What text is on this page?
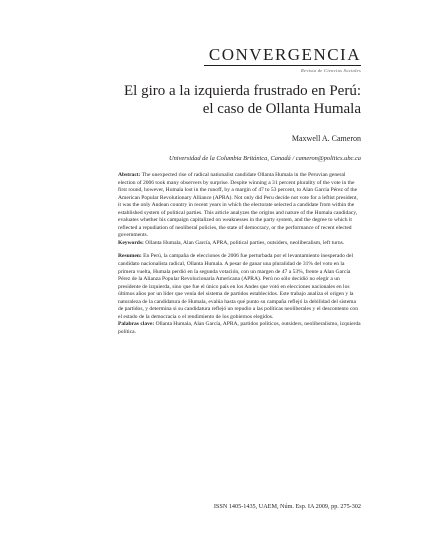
CONVERGENCIA
Revista de Ciencias Sociales
El giro a la izquierda frustrado en Perú:
el caso de Ollanta Humala
Maxwell A. Cameron
Universidad de la Columbia Británica, Canadá / cameron@politics.ubc.ca
Abstract: The unexpected rise of radical nationalist candidate Ollanta Humala in the Peruvian general election of 2006 took many observers by surprise. Despite winning a 31 percent plurality of the vote in the first round, however, Humala lost in the runoff, by a margin of 47 to 53 percent, to Alan García Pérez of the American Popular Revolutionary Alliance (APRA). Not only did Peru decide not vote for a leftist president, it was the only Andean country in recent years in which the electorate selected a candidate from within the established system of political parties. This article analyzes the origins and nature of the Humala candidacy, evaluates whether his campaign capitalized on weaknesses in the party system, and the degree to which it reflected a repudiation of neoliberal policies, the state of democracy, or the performance of recent elected governments.
Keywords: Ollanta Humala, Alan García, APRA, political parties, outsiders, neoliberalism, left turns.
Resumen: En Perú, la campaña de elecciones de 2006 fue perturbada por el levantamiento inesperado del candidato nacionalista radical, Ollanta Humala. A pesar de ganar una pluralidad de 31% del voto en la primera vuelta, Humala perdió en la segunda votación, con un margen de 47 a 53%, frente a Alan García Pérez de la Alianza Popular Revolucionaria Americana (APRA). Perú no sólo decidió no elegir a un presidente de izquierda, sino que fue el único país en los Andes que votó en elecciones nacionales en los últimos años por un líder que venía del sistema de partidos establecidos. Este trabajo analiza el origen y la naturaleza de la candidatura de Humala, evalúa hasta qué punto su campaña reflejó la debilidad del sistema de partidos, y determina si su candidatura reflejó un repudio a las políticas neoliberales y el descontento con el estado de la democracia o el rendimiento de los gobiernos elegidos.
Palabras clave: Ollanta Humala, Alan García, APRA, partidos políticos, outsiders, neoliberalismo, izquierda política.
ISSN 1405-1435, UAEM, Núm. Esp. IA 2009, pp. 275-302
